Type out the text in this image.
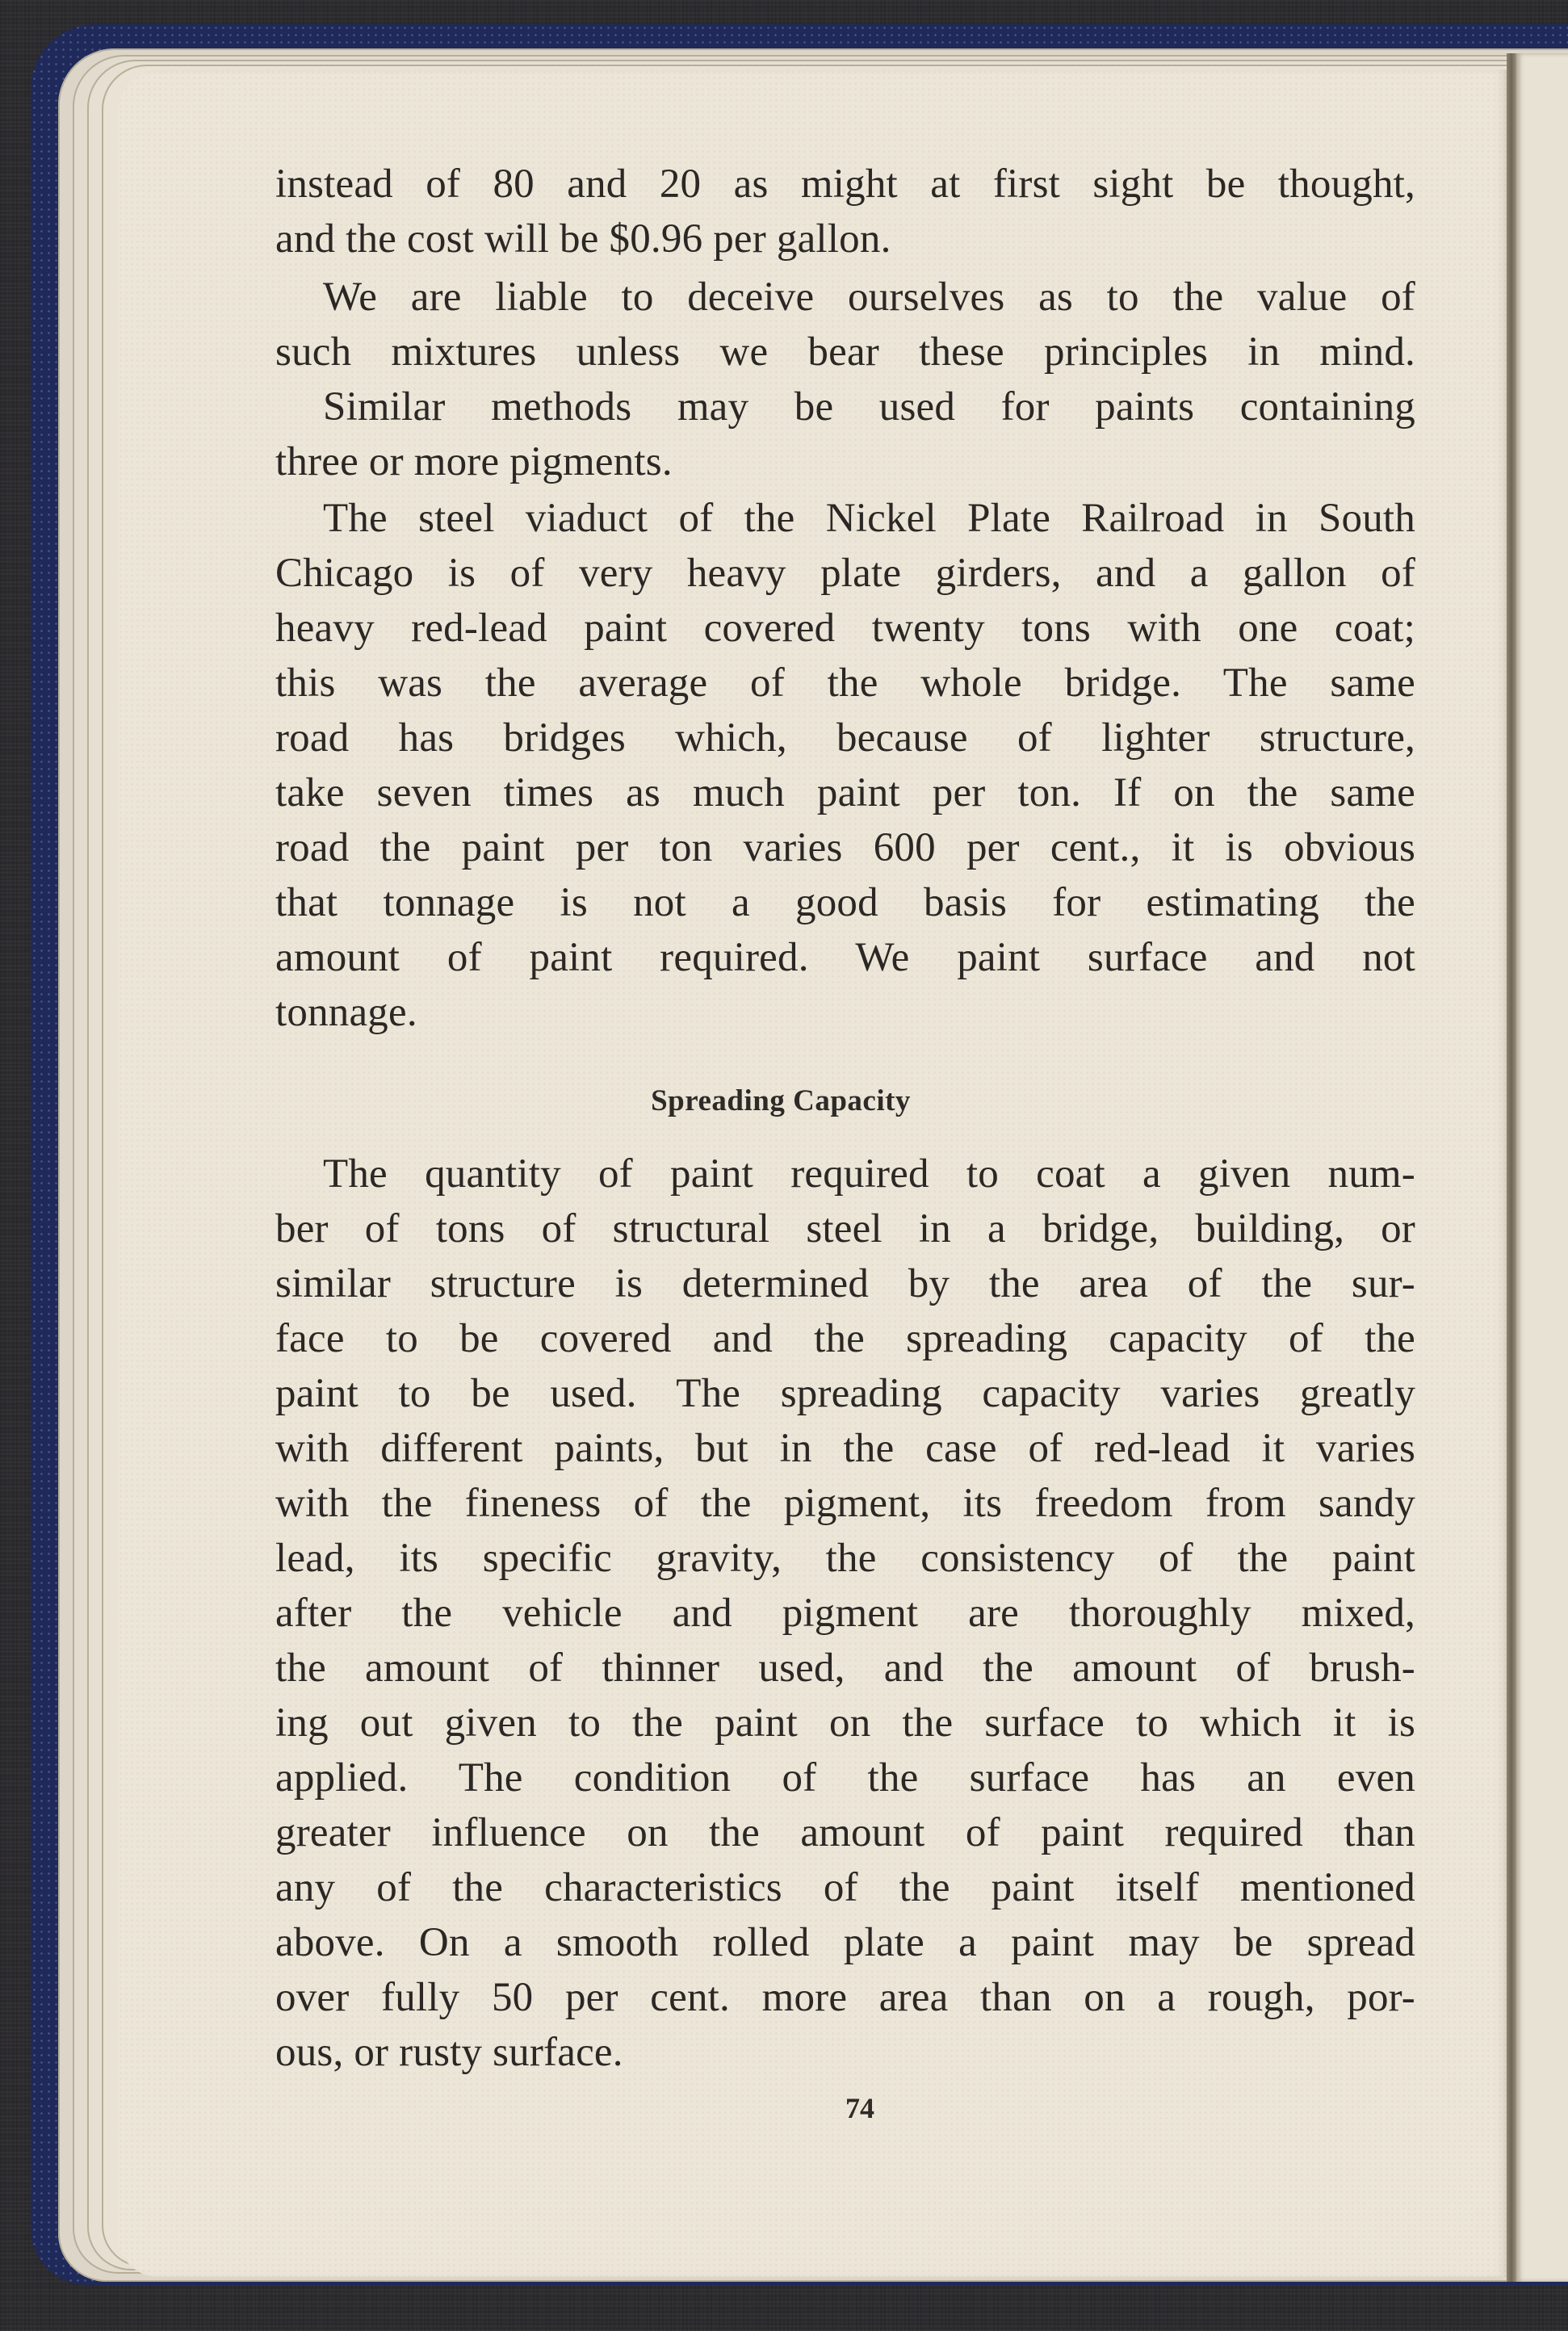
instead of 80 and 20 as might at first sight be thought,
and the cost will be $0.96 per gallon.
We are liable to deceive ourselves as to the value of
such mixtures unless we bear these principles in mind.
Similar methods may be used for paints containing
three or more pigments.
The steel viaduct of the Nickel Plate Railroad in South
Chicago is of very heavy plate girders, and a gallon of
heavy red-lead paint covered twenty tons with one coat;
this was the average of the whole bridge. The same
road has bridges which, because of lighter structure,
take seven times as much paint per ton. If on the same
road the paint per ton varies 600 per cent., it is obvious
that tonnage is not a good basis for estimating the
amount of paint required. We paint surface and not
tonnage.
Spreading Capacity
The quantity of paint required to coat a given num-
ber of tons of structural steel in a bridge, building, or
similar structure is determined by the area of the sur-
face to be covered and the spreading capacity of the
paint to be used. The spreading capacity varies greatly
with different paints, but in the case of red-lead it varies
with the fineness of the pigment, its freedom from sandy
lead, its specific gravity, the consistency of the paint
after the vehicle and pigment are thoroughly mixed,
the amount of thinner used, and the amount of brush-
ing out given to the paint on the surface to which it is
applied. The condition of the surface has an even
greater influence on the amount of paint required than
any of the characteristics of the paint itself mentioned
above. On a smooth rolled plate a paint may be spread
over fully 50 per cent. more area than on a rough, por-
ous, or rusty surface.
74
